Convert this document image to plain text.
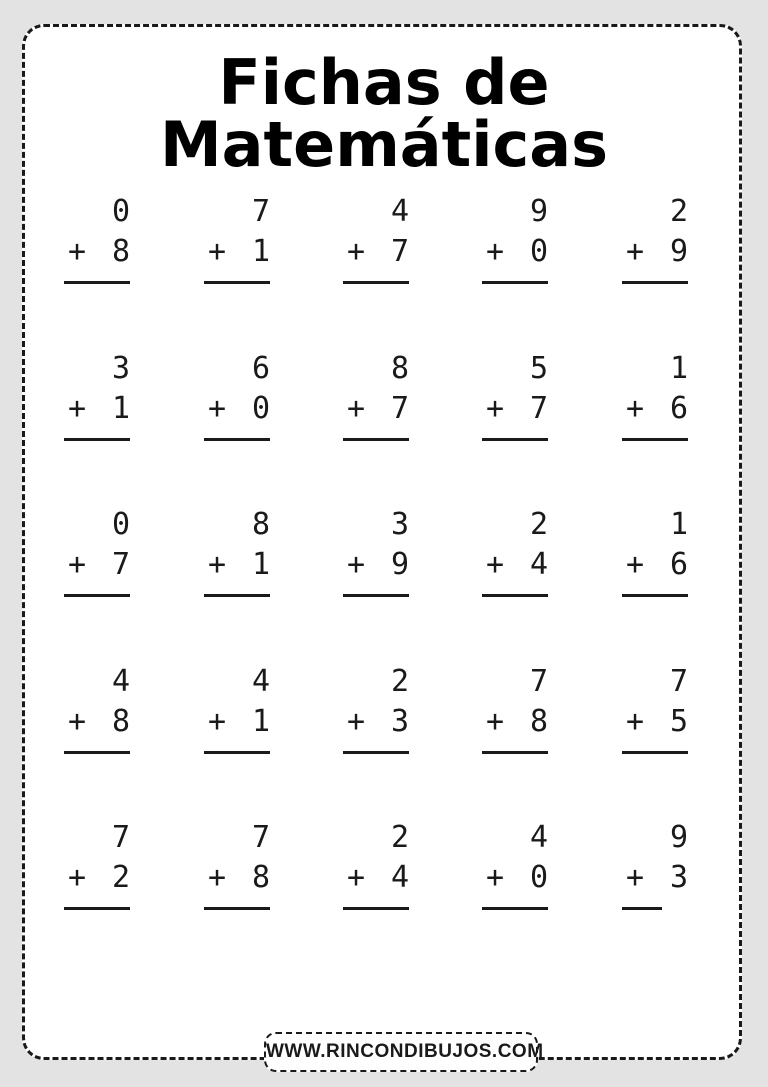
Fichas de Matemáticas
0
+ 8
7
+ 1
4
+ 7
9
+ 0
2
+ 9
3
+ 1
6
+ 0
8
+ 7
5
+ 7
1
+ 6
0
+ 7
8
+ 1
3
+ 9
2
+ 4
1
+ 6
4
+ 8
4
+ 1
2
+ 3
7
+ 8
7
+ 5
7
+ 2
7
+ 8
2
+ 4
4
+ 0
9
+ 3
WWW.RINCONDIBUJOS.COM
